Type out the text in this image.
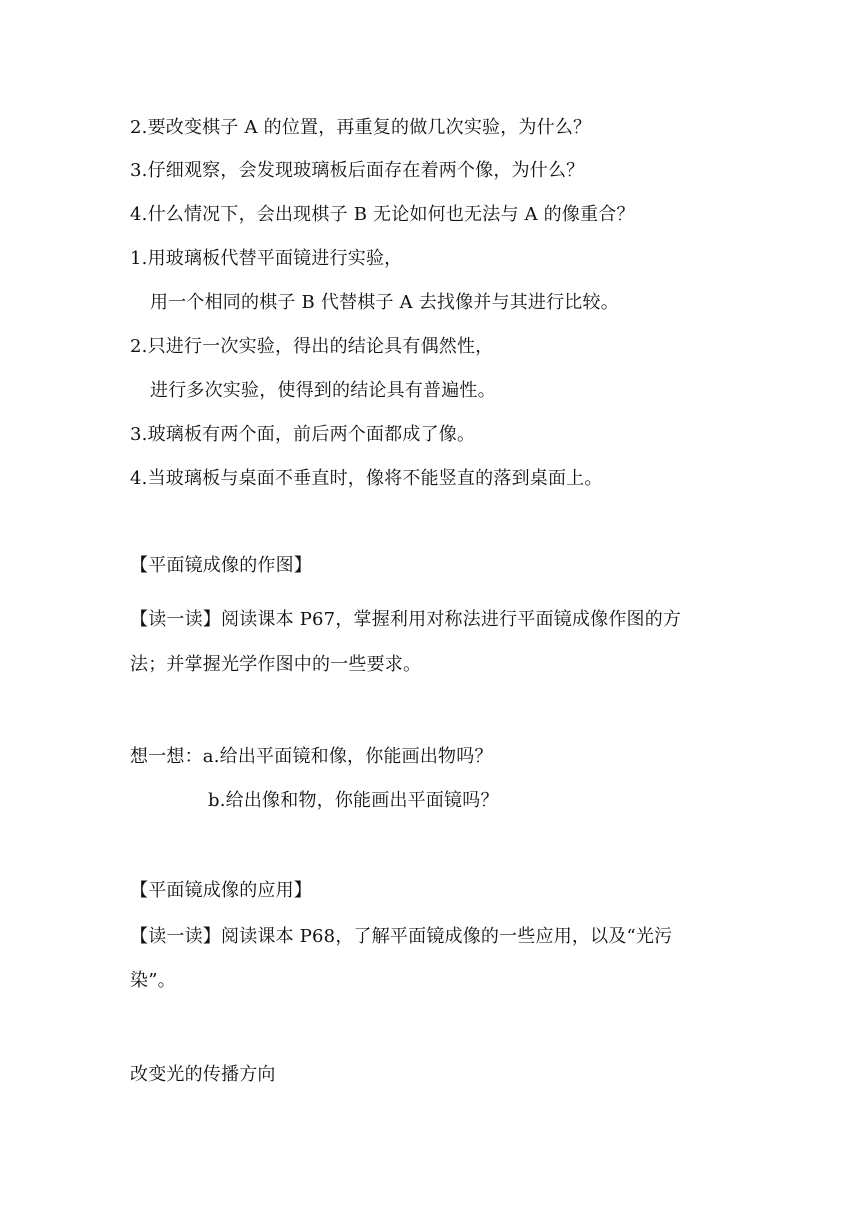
2.要改变棋子 A 的位置，再重复的做几次实验，为什么？
3.仔细观察，会发现玻璃板后面存在着两个像，为什么？
4.什么情况下，会出现棋子 B 无论如何也无法与 A 的像重合？
1.用玻璃板代替平面镜进行实验，
用一个相同的棋子 B 代替棋子 A 去找像并与其进行比较。
2.只进行一次实验，得出的结论具有偶然性，
进行多次实验，使得到的结论具有普遍性。
3.玻璃板有两个面，前后两个面都成了像。
4.当玻璃板与桌面不垂直时，像将不能竖直的落到桌面上。
【平面镜成像的作图】
【读一读】阅读课本 P67，掌握利用对称法进行平面镜成像作图的方
法；并掌握光学作图中的一些要求。
想一想：a.给出平面镜和像，你能画出物吗？
b.给出像和物，你能画出平面镜吗？
【平面镜成像的应用】
【读一读】阅读课本 P68，了解平面镜成像的一些应用，以及“光污
染”。
改变光的传播方向
